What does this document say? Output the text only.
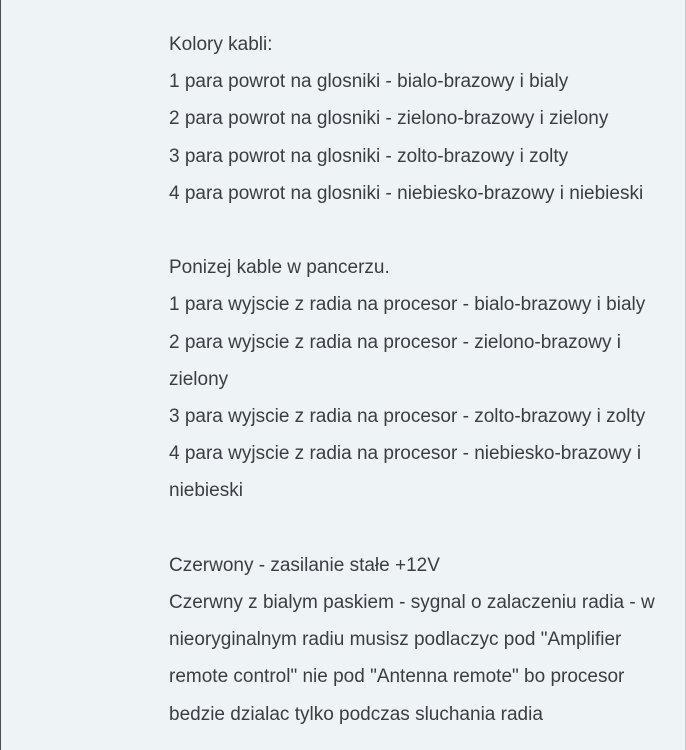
Kolory kabli:
1 para powrot na glosniki - bialo-brazowy i bialy
2 para powrot na glosniki - zielono-brazowy i zielony
3 para powrot na glosniki - zolto-brazowy i zolty
4 para powrot na glosniki - niebiesko-brazowy i niebieski
Ponizej kable w pancerzu.
1 para wyjscie z radia na procesor - bialo-brazowy i bialy
2 para wyjscie z radia na procesor - zielono-brazowy i zielony
3 para wyjscie z radia na procesor - zolto-brazowy i zolty
4 para wyjscie z radia na procesor - niebiesko-brazowy i niebieski
Czerwony - zasilanie stałe +12V
Czerwny z bialym paskiem - sygnal o zalaczeniu radia - w nieoryginalnym radiu musisz podlaczyc pod "Amplifier remote control" nie pod "Antenna remote" bo procesor bedzie dzialac tylko podczas sluchania radia
